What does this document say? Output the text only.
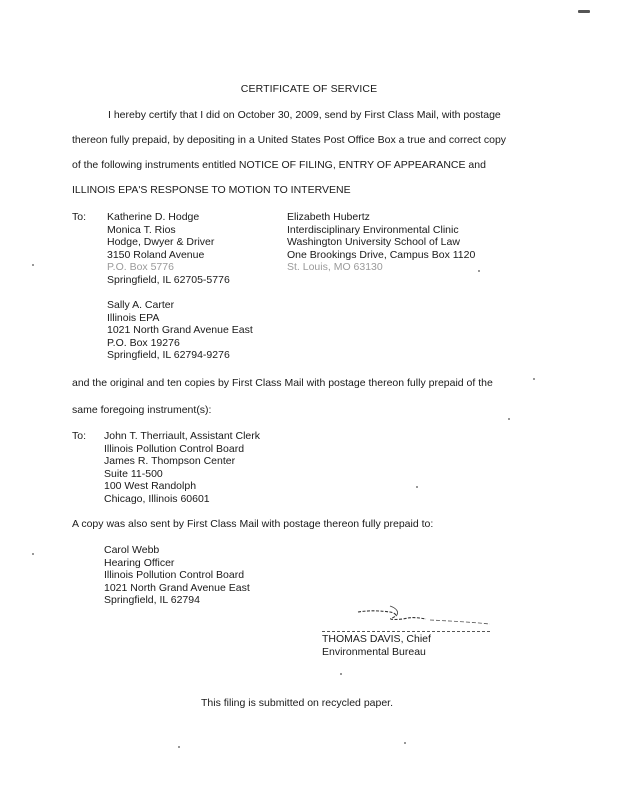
CERTIFICATE OF SERVICE
I hereby certify that I did on October 30, 2009, send by First Class Mail, with postage
thereon fully prepaid, by depositing in a United States Post Office Box a true and correct copy
of the following instruments entitled NOTICE OF FILING, ENTRY OF APPEARANCE and
ILLINOIS EPA'S RESPONSE TO MOTION TO INTERVENE
To: Katherine D. Hodge
Monica T. Rios
Hodge, Dwyer & Driver
3150 Roland Avenue
P.O. Box 5776
Springfield, IL 62705-5776
Elizabeth Hubertz
Interdisciplinary Environmental Clinic
Washington University School of Law
One Brookings Drive, Campus Box 1120
St. Louis, MO 63130
Sally A. Carter
Illinois EPA
1021 North Grand Avenue East
P.O. Box 19276
Springfield, IL 62794-9276
and the original and ten copies by First Class Mail with postage thereon fully prepaid of the
same foregoing instrument(s):
To: John T. Therriault, Assistant Clerk
Illinois Pollution Control Board
James R. Thompson Center
Suite 11-500
100 West Randolph
Chicago, Illinois 60601
A copy was also sent by First Class Mail with postage thereon fully prepaid to:
Carol Webb
Hearing Officer
Illinois Pollution Control Board
1021 North Grand Avenue East
Springfield, IL 62794
THOMAS DAVIS, Chief
Environmental Bureau
This filing is submitted on recycled paper.
